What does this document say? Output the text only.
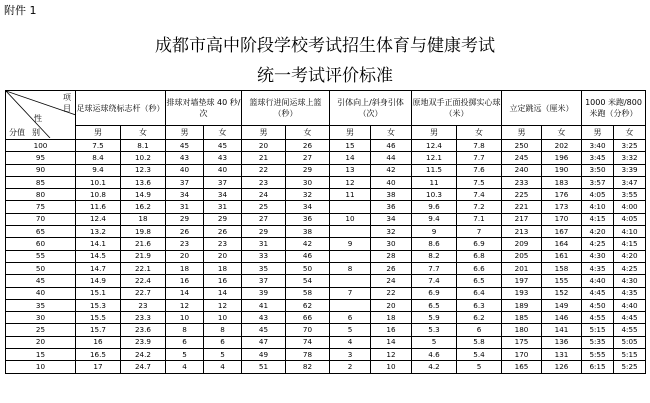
附件 1
成都市高中阶段学校考试招生体育与健康考试
统一考试评价标准
项
目
性
分值 别	足球运球绕标志杆（秒）		排球对墙垫球 40 秒/次		篮球行进间运球上篮（秒）		引体向上/斜身引体（次）		原地双手正面投掷实心球（米）		立定跳远（厘米）		1000 米跑/800 米跑（分秒）	
	男	女	男	女	男	女	男	女	男	女	男	女	男	女
100	7.5	8.1	45	45	20	26	15	46	12.4	7.8	250	202	3:40	3:25
95	8.4	10.2	43	43	21	27	14	44	12.1	7.7	245	196	3:45	3:32
90	9.4	12.3	40	40	22	29	13	42	11.5	7.6	240	190	3:50	3:39
85	10.1	13.6	37	37	23	30	12	40	11	7.5	233	183	3:57	3:47
80	10.8	14.9	34	34	24	32	11	38	10.3	7.4	225	176	4:05	3:55
75	11.6	16.2	31	31	25	34		36	9.6	7.2	221	173	4:10	4:00
70	12.4	18	29	29	27	36	10	34	9.4	7.1	217	170	4:15	4:05
65	13.2	19.8	26	26	29	38		32	9	7	213	167	4:20	4:10
60	14.1	21.6	23	23	31	42	9	30	8.6	6.9	209	164	4:25	4:15
55	14.5	21.9	20	20	33	46		28	8.2	6.8	205	161	4:30	4:20
50	14.7	22.1	18	18	35	50	8	26	7.7	6.6	201	158	4:35	4:25
45	14.9	22.4	16	16	37	54		24	7.4	6.5	197	155	4:40	4:30
40	15.1	22.7	14	14	39	58	7	22	6.9	6.4	193	152	4:45	4:35
35	15.3	23	12	12	41	62		20	6.5	6.3	189	149	4:50	4:40
30	15.5	23.3	10	10	43	66	6	18	5.9	6.2	185	146	4:55	4:45
25	15.7	23.6	8	8	45	70	5	16	5.3	6	180	141	5:15	4:55
20	16	23.9	6	6	47	74	4	14	5	5.8	175	136	5:35	5:05
15	16.5	24.2	5	5	49	78	3	12	4.6	5.4	170	131	5:55	5:15
10	17	24.7	4	4	51	82	2	10	4.2	5	165	126	6:15	5:25
